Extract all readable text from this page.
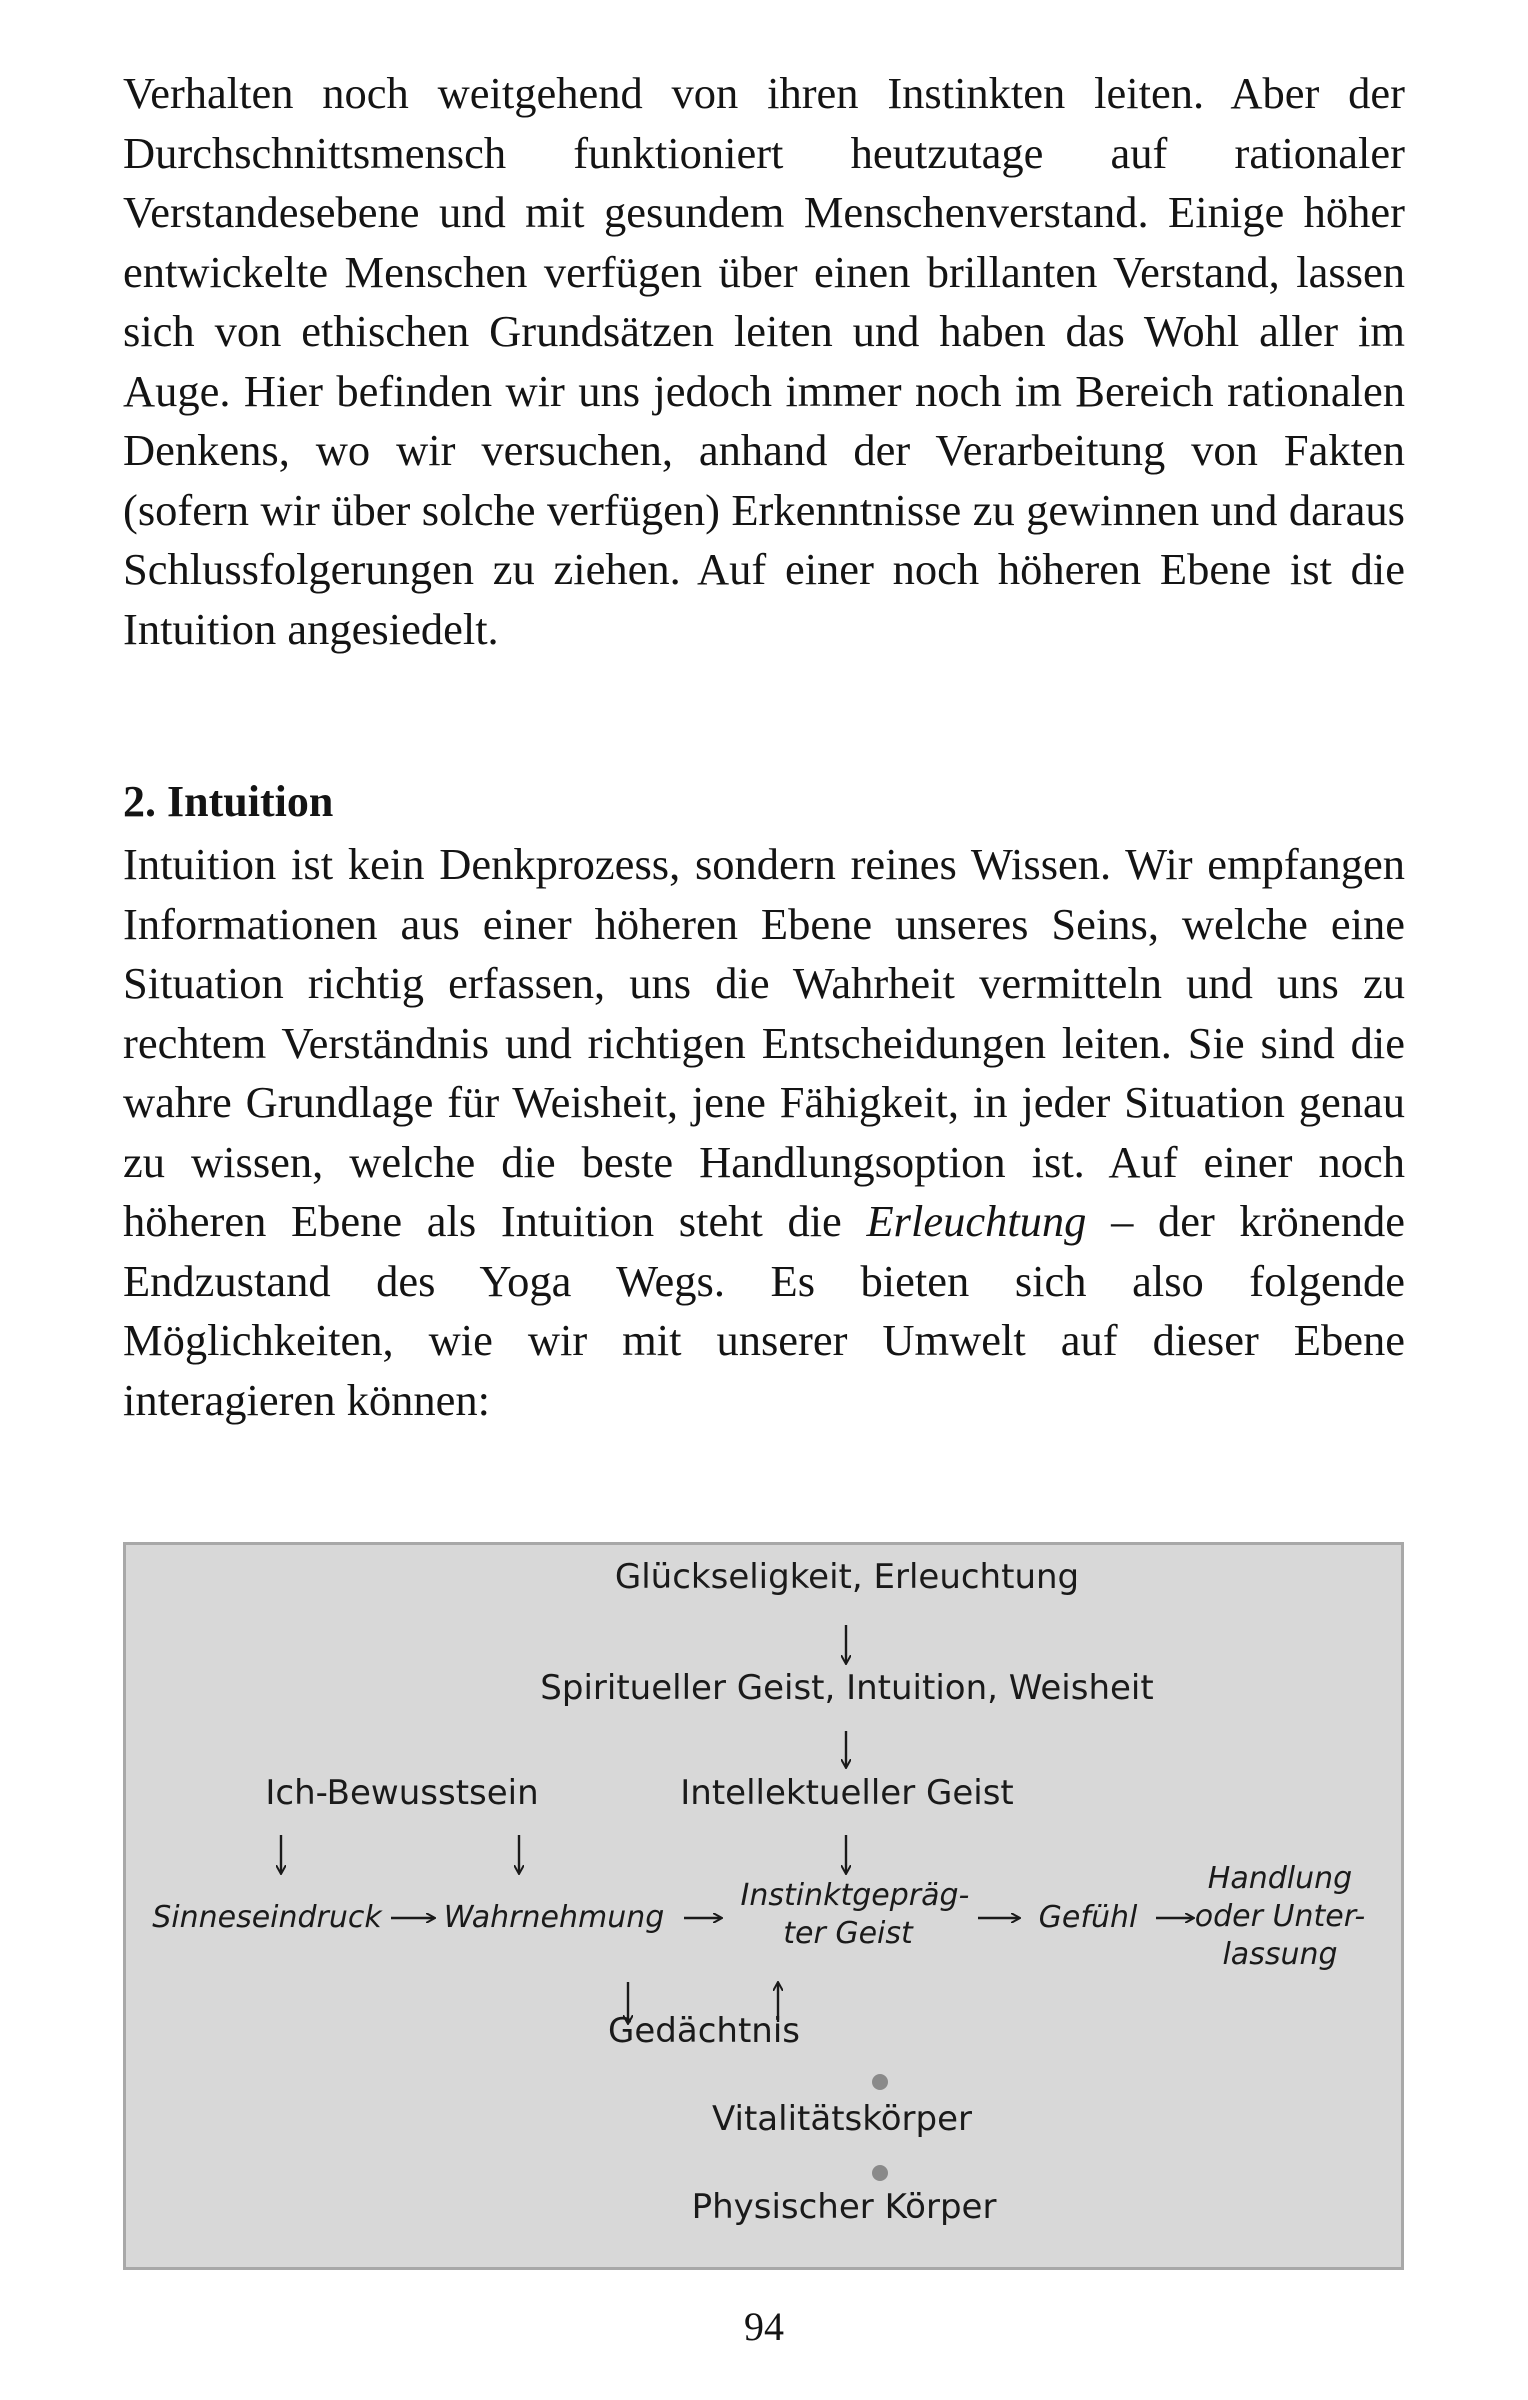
Verhalten noch weitgehend von ihren Instinkten leiten. Aber der Durchschnittsmensch funktioniert heutzutage auf rationaler Verstandesebene und mit gesundem Menschenverstand. Einige höher entwickelte Menschen verfügen über einen brillanten Verstand, lassen sich von ethischen Grundsätzen leiten und haben das Wohl aller im Auge. Hier befinden wir uns jedoch immer noch im Bereich rationalen Denkens, wo wir versuchen, anhand der Verarbeitung von Fakten (sofern wir über solche verfügen) Erkenntnisse zu gewinnen und daraus Schlussfolgerungen zu ziehen. Auf einer noch höheren Ebene ist die Intuition angesiedelt.

2. Intuition

Intuition ist kein Denkprozess, sondern reines Wissen. Wir empfangen Informationen aus einer höheren Ebene unseres Seins, welche eine Situation richtig erfassen, uns die Wahrheit vermitteln und uns zu rechtem Verständnis und richtigen Entscheidungen leiten. Sie sind die wahre Grundlage für Weisheit, jene Fähigkeit, in jeder Situation genau zu wissen, welche die beste Handlungsoption ist. Auf einer noch höheren Ebene als Intuition steht die Erleuchtung – der krönende Endzustand des Yoga Wegs. Es bieten sich also folgende Möglichkeiten, wie wir mit unserer Umwelt auf dieser Ebene interagieren können:

Glückseligkeit, Erleuchtung
Spiritueller Geist, Intuition, Weisheit
Ich-Bewusstsein	Intellektueller Geist
Sinneseindruck Wahrnehmung
Instinktgepräg-ter Geist	Gefühl
Handlung oder Unter-lassung
Gedächtnis
Vitalitätskörper
Physischer Körper
94
